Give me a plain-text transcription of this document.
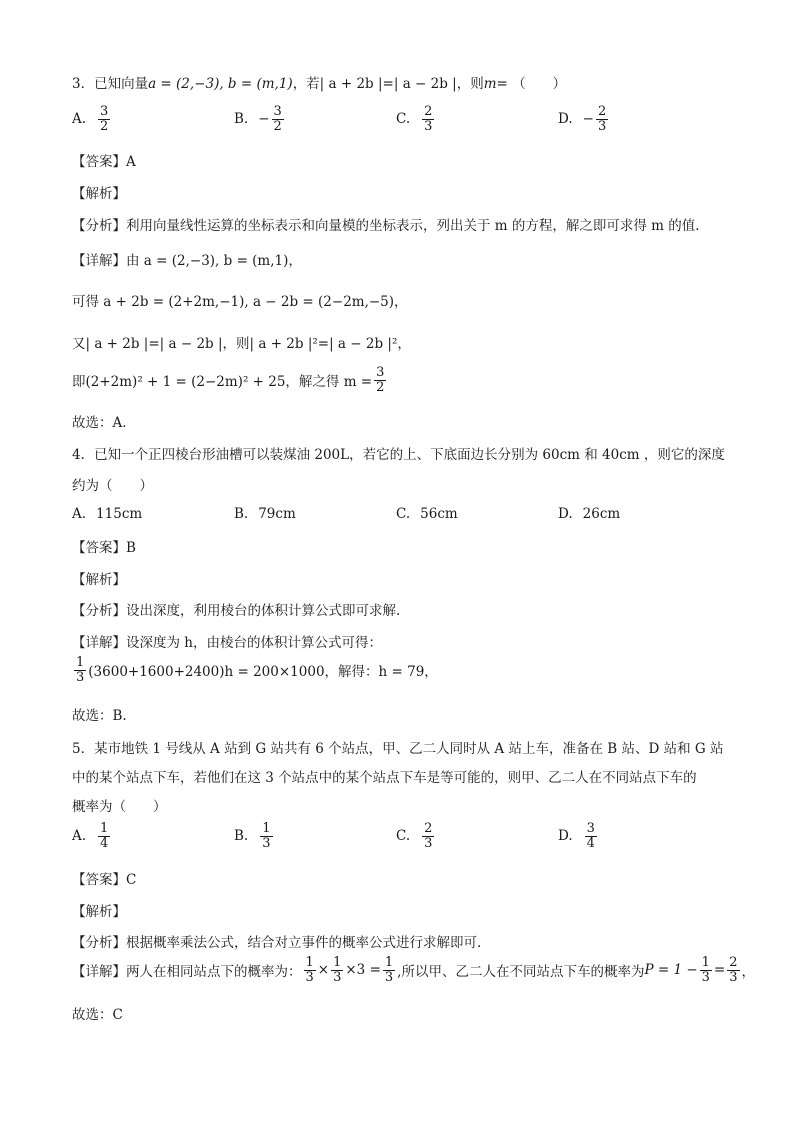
3．已知向量a = (2,−3), b = (m,1)，若| a + 2b |=| a − 2b |，则m= （　　）
A. $\frac{3}{2}$	B. − $\frac{3}{2}$	C. $\frac{2}{3}$	D. − $\frac{2}{3}$
【答案】A
【解析】
【分析】利用向量线性运算的坐标表示和向量模的坐标表示，列出关于 m 的方程，解之即可求得 m 的值.
【详解】由 a = (2,−3), b = (m,1)，
可得 a + 2b = (2+2m,−1), a − 2b = (2−2m,−5)，
又| a + 2b |=| a − 2b |，则| a + 2b |²=| a − 2b |²，
即(2+2m)² + 1 = (2−2m)² + 25，解之得 $m = \frac{3}{2}$
故选：A.
4．已知一个正四棱台形油槽可以装煤油 200L，若它的上、下底面边长分别为 60cm 和 40cm ，则它的深度
约为（　　）
A. 115cm	B. 79cm	C. 56cm	D. 26cm
【答案】B
【解析】
【分析】设出深度，利用棱台的体积计算公式即可求解.
【详解】设深度为 h，由棱台的体积计算公式可得：
$\frac{1}{3} (3600+1600+2400)h = 200\times 1000$，解得：h = 79，
故选：B.
5．某市地铁 1 号线从 A 站到 G 站共有 6 个站点，甲、乙二人同时从 A 站上车，准备在 B 站、D 站和 G 站
中的某个站点下车，若他们在这 3 个站点中的某个站点下车是等可能的，则甲、乙二人在不同站点下车的
概率为（　　）
A. $\frac{1}{4}$	B. $\frac{1}{3}$	C. $\frac{2}{3}$	D. $\frac{3}{4}$
【答案】C
【解析】
【分析】根据概率乘法公式，结合对立事件的概率公式进行求解即可.
【详解】 两人在相同站点下的概率为： $\frac{1}{3} \times \frac{1}{3} \times 3 = \frac{1}{3}$ ,所以甲、乙二人在不同站点下车的概率为 $P = 1 - \frac{1}{3} = \frac{2}{3}$ ，
故选：C
